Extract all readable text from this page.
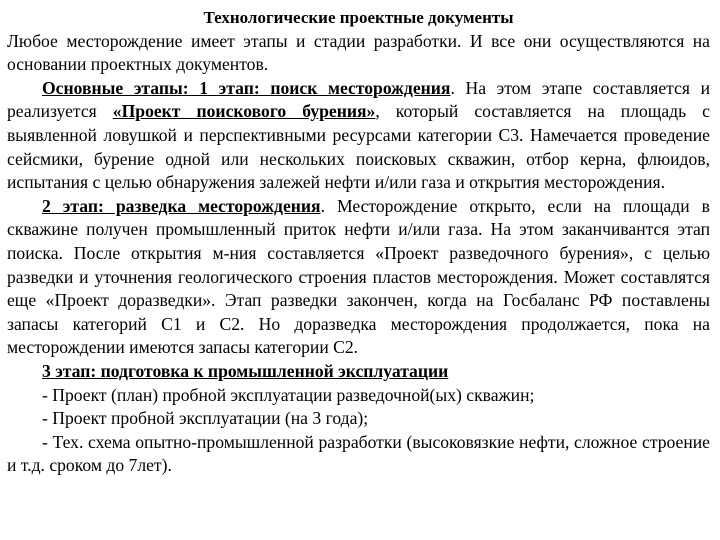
Технологические проектные документы

Любое месторождение имеет этапы и стадии разработки. И все они осуществляются на основании проектных документов.

Основные этапы: 1 этап: поиск месторождения. На этом этапе составляется и реализуется «Проект поискового бурения», который составляется на площадь с выявленной ловушкой и перспективными ресурсами категории С3. Намечается проведение сейсмики, бурение одной или нескольких поисковых скважин, отбор керна, флюидов, испытания с целью обнаружения залежей нефти и/или газа и открытия месторождения.

2 этап: разведка месторождения. Месторождение открыто, если на площади в скважине получен промышленный приток нефти и/или газа. На этом заканчивантся этап поиска. После открытия м-ния составляется «Проект разведочного бурения», с целью разведки и уточнения геологического строения пластов месторождения. Может составлятся еще «Проект доразведки». Этап разведки закончен, когда на Госбаланс РФ поставлены запасы категорий С1 и С2. Но доразведка месторождения продолжается, пока на месторождении имеются запасы категории С2.

3 этап: подготовка к промышленной эксплуатации

- Проект (план) пробной эксплуатации разведочной(ых) скважин;

- Проект пробной эксплуатации (на 3 года);

- Тех. схема опытно-промышленной разработки (высоковязкие нефти, сложное строение и т.д. сроком до 7лет).
